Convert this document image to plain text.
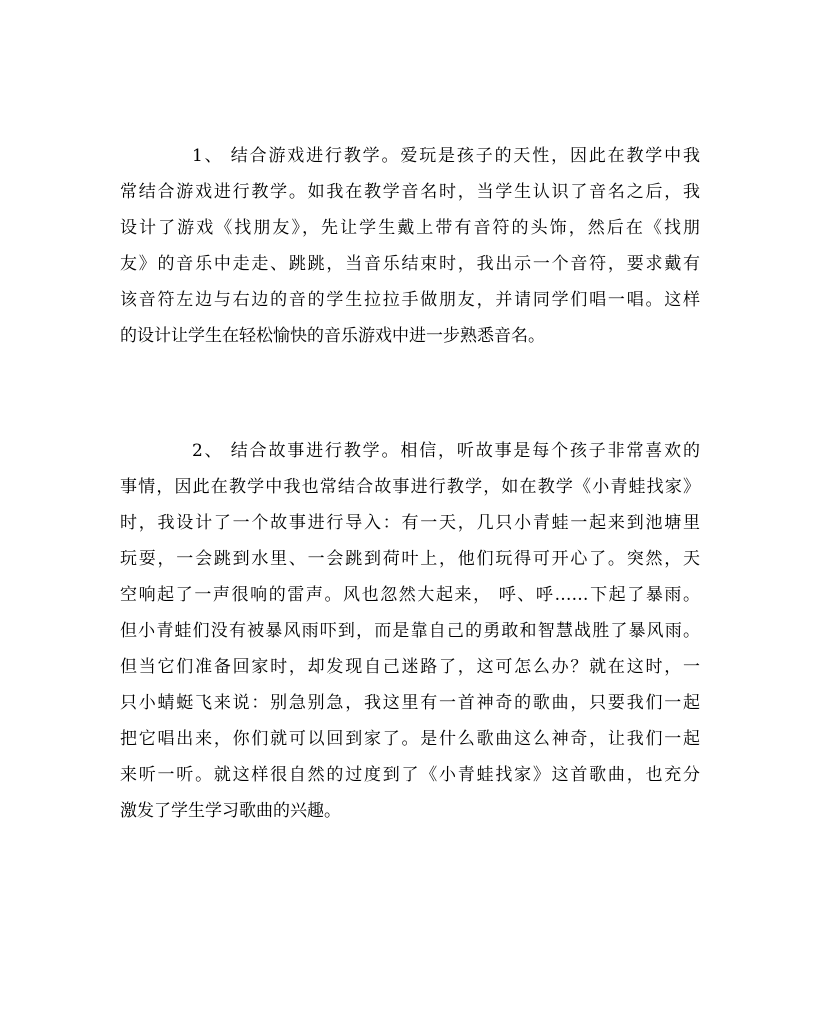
1、 结合游戏进行教学。爱玩是孩子的天性，因此在教学中我
常结合游戏进行教学。如我在教学音名时，当学生认识了音名之后，我
设计了游戏《找朋友》，先让学生戴上带有音符的头饰，然后在《找朋
友》的音乐中走走、跳跳，当音乐结束时，我出示一个音符，要求戴有
该音符左边与右边的音的学生拉拉手做朋友，并请同学们唱一唱。这样
的设计让学生在轻松愉快的音乐游戏中进一步熟悉音名。
2、 结合故事进行教学。相信，听故事是每个孩子非常喜欢的
事情，因此在教学中我也常结合故事进行教学，如在教学《小青蛙找家》
时，我设计了一个故事进行导入：有一天，几只小青蛙一起来到池塘里
玩耍，一会跳到水里、一会跳到荷叶上，他们玩得可开心了。突然，天
空响起了一声很响的雷声。风也忽然大起来， 呼、呼……下起了暴雨。
但小青蛙们没有被暴风雨吓到，而是靠自己的勇敢和智慧战胜了暴风雨。
但当它们准备回家时，却发现自己迷路了，这可怎么办？就在这时，一
只小蜻蜓飞来说：别急别急，我这里有一首神奇的歌曲，只要我们一起
把它唱出来，你们就可以回到家了。是什么歌曲这么神奇，让我们一起
来听一听。就这样很自然的过度到了《小青蛙找家》这首歌曲，也充分
激发了学生学习歌曲的兴趣。
